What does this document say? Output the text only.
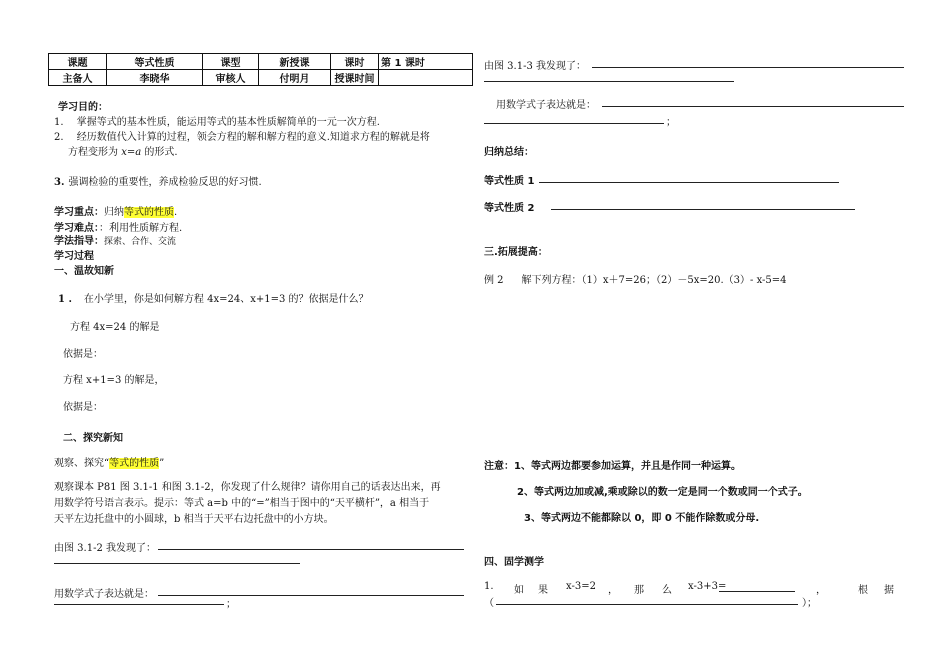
课题	等式性质	课型	新授课	课时	第 1 课时
主备人	李晓华	审核人	付明月	授课时间	
学习目的：
1. 掌握等式的基本性质，能运用等式的基本性质解简单的一元一次方程.
2. 经历数值代入计算的过程，领会方程的解和解方程的意义.知道求方程的解就是将
方程变形为 x=a 的形式.
3. 强调检验的重要性，养成检验反思的好习惯.
学习重点：归纳等式的性质.
学习难点：：利用性质解方程.
学法指导：探索、合作、交流
学习过程
一、温故知新
1 . 在小学里，你是如何解方程 4x=24、x+1=3 的？依据是什么？
方程 4x=24 的解是
依据是：
方程 x+1=3 的解是，
依据是：
二、探究新知
观察、探究“等式的性质”
观察课本 P81 图 3.1-1 和图 3.1-2，你发现了什么规律？请你用自己的话表达出来，再
用数学符号语言表示。提示：等式 a=b 中的“=”相当于图中的“天平横杆”，a 相当于
天平左边托盘中的小圆球，b 相当于天平右边托盘中的小方块。
由图 3.1-2 我发现了：
用数学式子表达就是：
；
由图 3.1-3 我发现了：
用数学式子表达就是：
；
归纳总结：
等式性质 1
等式性质 2
三.拓展提高：
例 2 解下列方程：（1）x＋7=26；（2）－5x=20.（3）- x-5=4
注意：1、等式两边都要参加运算，并且是作同一种运算。
2、等式两边加或减,乘或除以的数一定是同一个数或同一个式子。
3、等式两边不能都除以 0，即 0 不能作除数或分母.
四、固学测学
1. 如 果 x-3=2 ， 那 么 x-3+3=	，	根 据
（	）；
